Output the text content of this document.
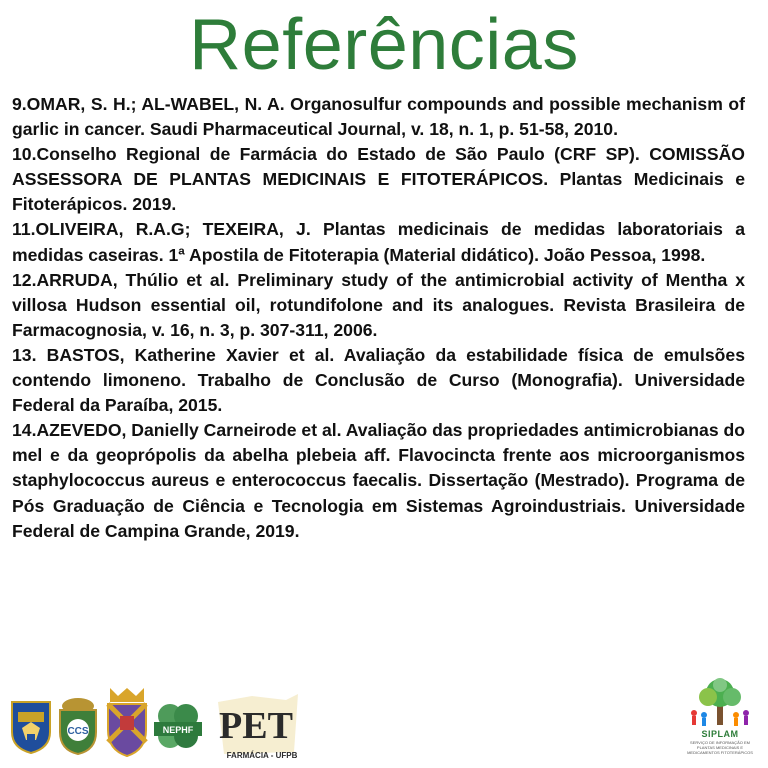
Referências

9.OMAR, S. H.; AL-WABEL, N. A. Organosulfur compounds and possible mechanism of garlic in cancer. Saudi Pharmaceutical Journal, v. 18, n. 1, p. 51-58, 2010.

10.Conselho Regional de Farmácia do Estado de São Paulo (CRF SP). COMISSÃO ASSESSORA DE PLANTAS MEDICINAIS E FITOTERÁPICOS. Plantas Medicinais e Fitoterápicos. 2019.

11.OLIVEIRA, R.A.G; TEXEIRA, J. Plantas medicinais de medidas laboratoriais a medidas caseiras. 1ª Apostila de Fitoterapia (Material didático). João Pessoa, 1998.

12.ARRUDA, Thúlio et al. Preliminary study of the antimicrobial activity of Mentha x villosa Hudson essential oil, rotundifolone and its analogues. Revista Brasileira de Farmacognosia, v. 16, n. 3, p. 307-311, 2006.

13. BASTOS, Katherine Xavier et al. Avaliação da estabilidade física de emulsões contendo limoneno. Trabalho de Conclusão de Curso (Monografia). Universidade Federal da Paraíba, 2015.

14.AZEVEDO, Danielly Carneirode et al. Avaliação das propriedades antimicrobianas do mel e da geoprópolis da abelha plebeia aff. Flavocincta frente aos microorganismos staphylococcus aureus e enterococcus faecalis. Dissertação (Mestrado). Programa de Pós Graduação de Ciência e Tecnologia em Sistemas Agroindustriais. Universidade Federal de Campina Grande, 2019.

CCS	NEPHF PET
FARMÁCIA - UFPB
SIPLAM
SERVIÇO DE INFORMAÇÃO EM PLANTAS MEDICINAIS E MEDICAMENTOS FITOTERÁPICOS
